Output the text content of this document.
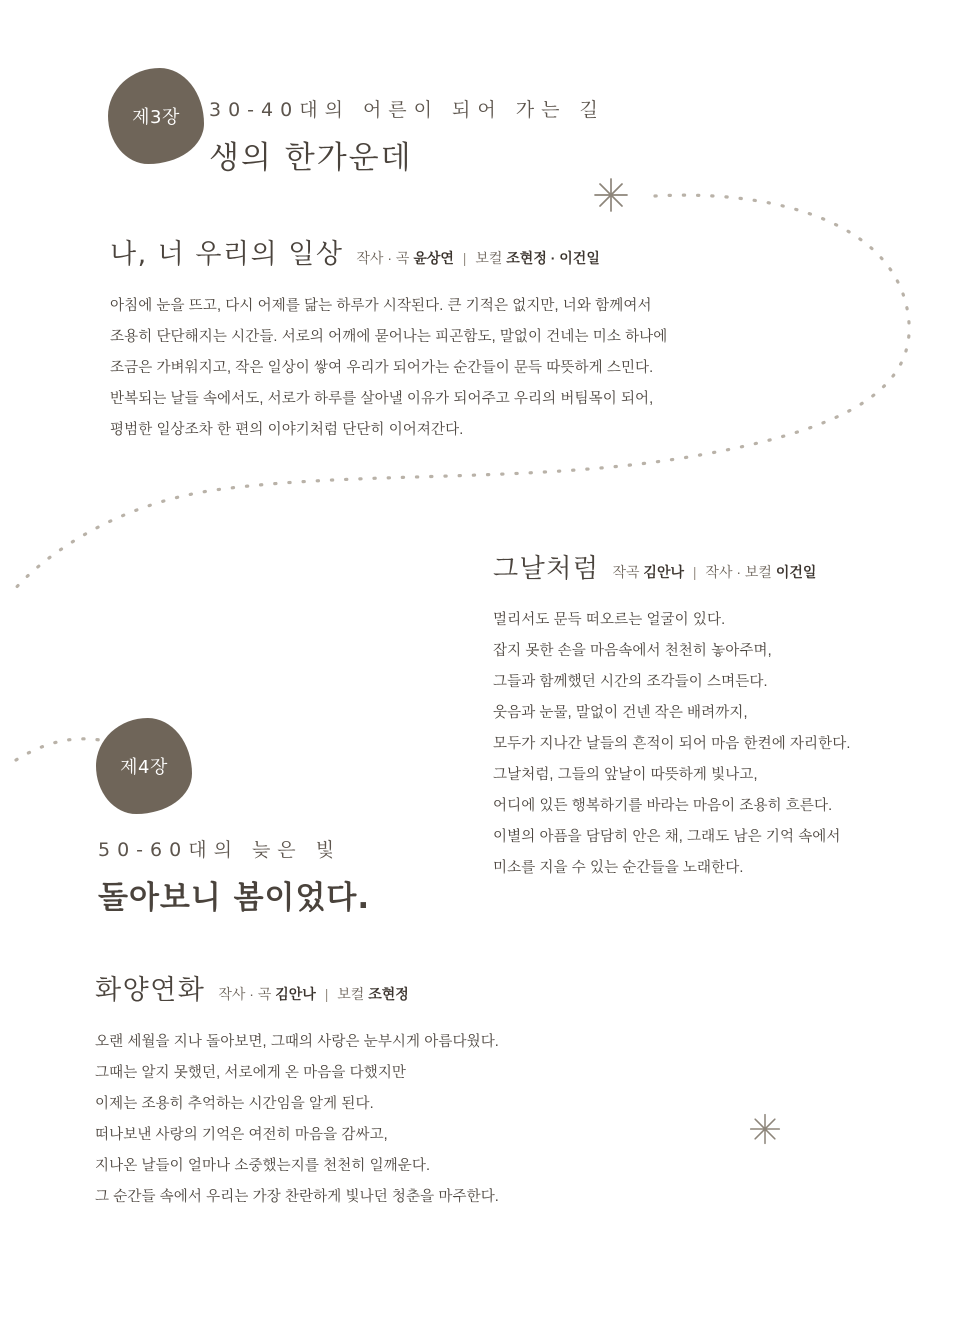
제3장 30-40대의 어른이 되어 가는 길
생의 한가운데
나, 너 우리의 일상 작사 · 곡 윤상연 | 보컬 조현정 · 이건일
아침에 눈을 뜨고, 다시 어제를 닮는 하루가 시작된다. 큰 기적은 없지만, 너와 함께여서
조용히 단단해지는 시간들. 서로의 어깨에 묻어나는 피곤함도, 말없이 건네는 미소 하나에
조금은 가벼워지고, 작은 일상이 쌓여 우리가 되어가는 순간들이 문득 따뜻하게 스민다.
반복되는 날들 속에서도, 서로가 하루를 살아낼 이유가 되어주고 우리의 버팀목이 되어,
평범한 일상조차 한 편의 이야기처럼 단단히 이어져간다.
그날처럼 작곡 김안나 | 작사 · 보컬 이건일
멀리서도 문득 떠오르는 얼굴이 있다.
잡지 못한 손을 마음속에서 천천히 놓아주며,
그들과 함께했던 시간의 조각들이 스며든다.
웃음과 눈물, 말없이 건넨 작은 배려까지,
모두가 지나간 날들의 흔적이 되어 마음 한켠에 자리한다.
그날처럼, 그들의 앞날이 따뜻하게 빛나고,
어디에 있든 행복하기를 바라는 마음이 조용히 흐른다.
이별의 아픔을 담담히 안은 채, 그래도 남은 기억 속에서
미소를 지을 수 있는 순간들을 노래한다.
제4장
50-60대의 늦은 빛
돌아보니 봄이었다.
화양연화 작사 · 곡 김안나 | 보컬 조현정
오랜 세월을 지나 돌아보면, 그때의 사랑은 눈부시게 아름다웠다.
그때는 알지 못했던, 서로에게 온 마음을 다했지만
이제는 조용히 추억하는 시간임을 알게 된다.
떠나보낸 사랑의 기억은 여전히 마음을 감싸고,
지나온 날들이 얼마나 소중했는지를 천천히 일깨운다.
그 순간들 속에서 우리는 가장 찬란하게 빛나던 청춘을 마주한다.
